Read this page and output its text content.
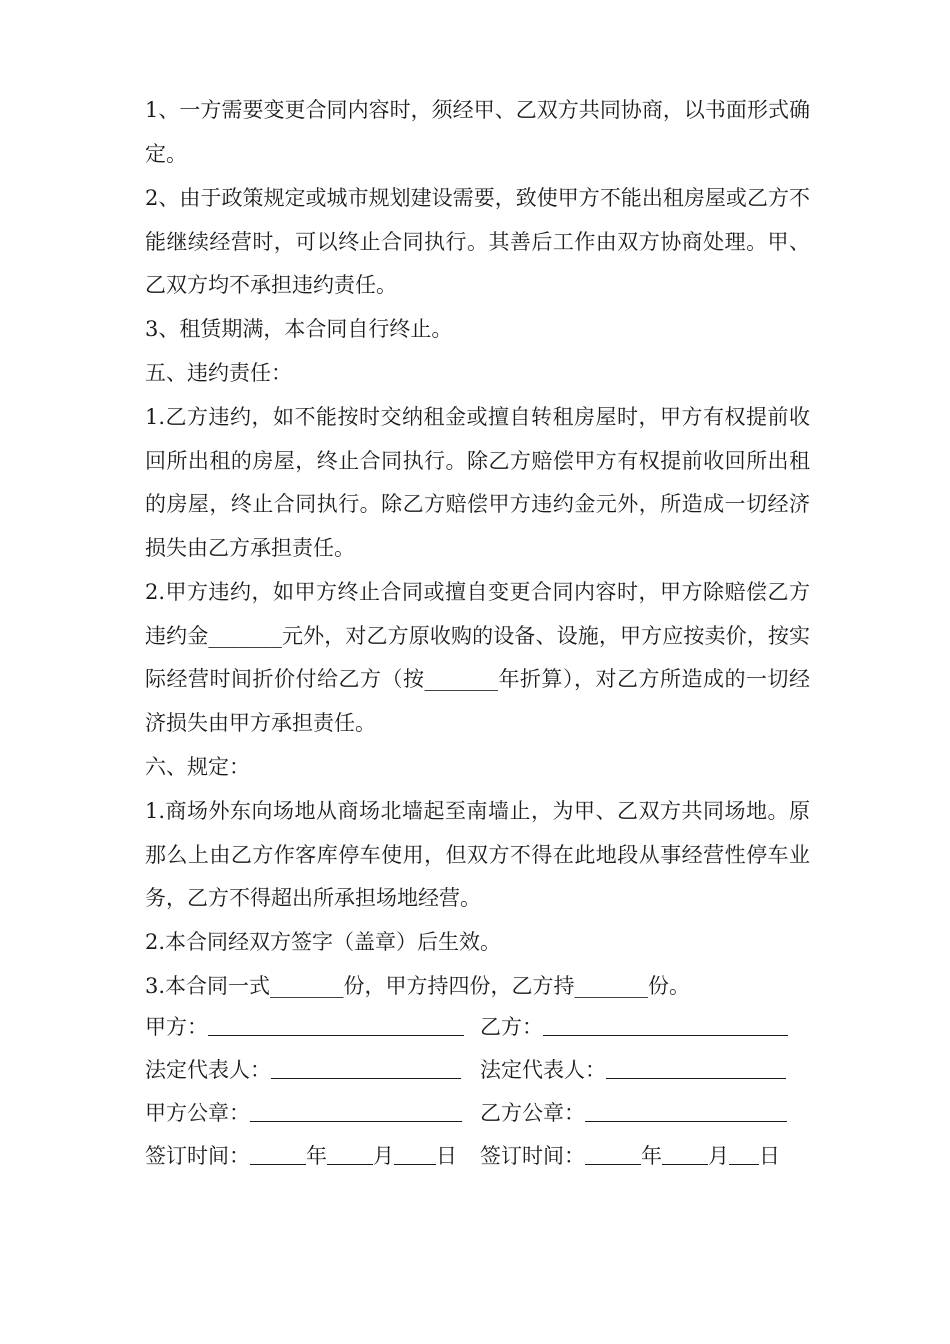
1、一方需要变更合同内容时，须经甲、乙双方共同协商，以书面形式确定。

2、由于政策规定或城市规划建设需要，致使甲方不能出租房屋或乙方不能继续经营时，可以终止合同执行。其善后工作由双方协商处理。甲、乙双方均不承担违约责任。

3、租赁期满，本合同自行终止。

五、违约责任：

1.乙方违约，如不能按时交纳租金或擅自转租房屋时，甲方有权提前收回所出租的房屋，终止合同执行。除乙方赔偿甲方有权提前收回所出租的房屋，终止合同执行。除乙方赔偿甲方违约金元外，所造成一切经济损失由乙方承担责任。

2.甲方违约，如甲方终止合同或擅自变更合同内容时，甲方除赔偿乙方违约金_______元外，对乙方原收购的设备、设施，甲方应按卖价，按实际经营时间折价付给乙方（按_______年折算），对乙方所造成的一切经济损失由甲方承担责任。

六、规定：

1.商场外东向场地从商场北墙起至南墙止，为甲、乙双方共同场地。原那么上由乙方作客库停车使用，但双方不得在此地段从事经营性停车业务，乙方不得超出所承担场地经营。

2.本合同经双方签字（盖章）后生效。

3.本合同一式_______份，甲方持四份，乙方持_______份。

甲方：	乙方：
法定代表人：	法定代表人：
甲方公章：	乙方公章：
签订时间：	年 月 日 签订时间：	年 月 日
